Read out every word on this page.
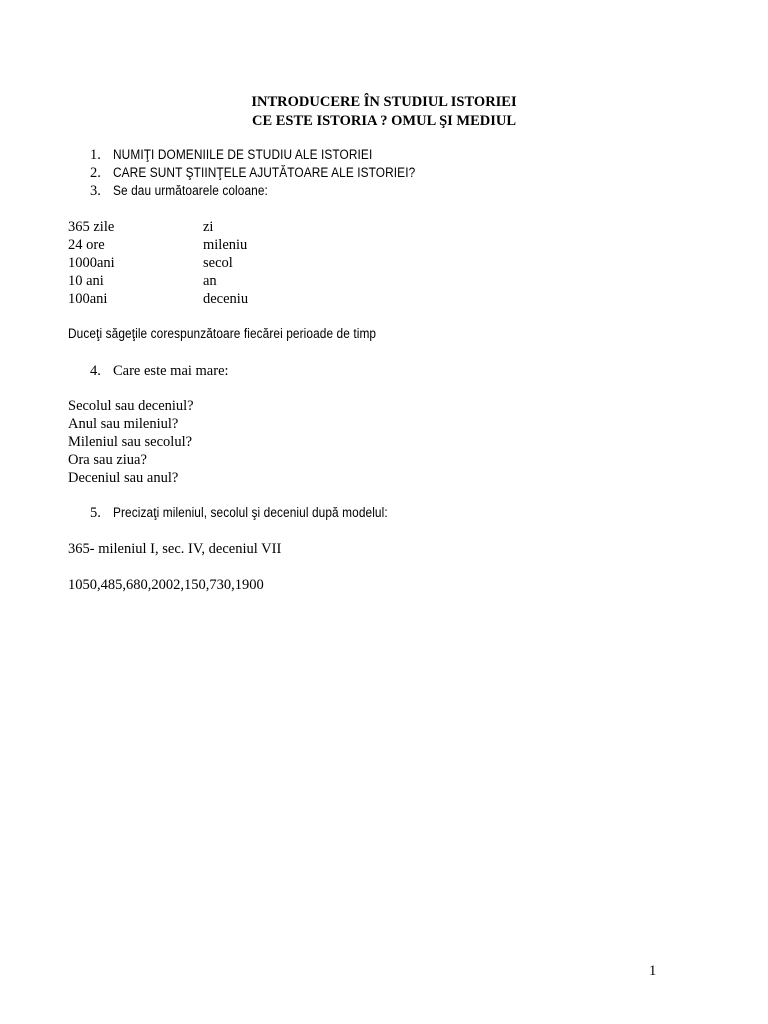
INTRODUCERE ÎN STUDIUL ISTORIEI
CE ESTE ISTORIA ? OMUL ŞI MEDIUL
1. NUMIŢI DOMENIILE DE STUDIU ALE ISTORIEI
2. CARE SUNT ŞTIINŢELE AJUTĂTOARE ALE ISTORIEI?
3. Se dau următoarele coloane:
365 zile	zi
24 ore	mileniu
1000ani	secol
10 ani	an
100ani	deceniu
Duceţi săgeţile corespunzătoare fiecărei perioade de timp
4. Care este mai mare:
Secolul sau deceniul?
Anul sau mileniul?
Mileniul sau secolul?
Ora sau ziua?
Deceniul sau anul?
5. Precizaţi mileniul, secolul şi deceniul după modelul:
365- mileniul I, sec. IV, deceniul VII
1050,485,680,2002,150,730,1900
1
